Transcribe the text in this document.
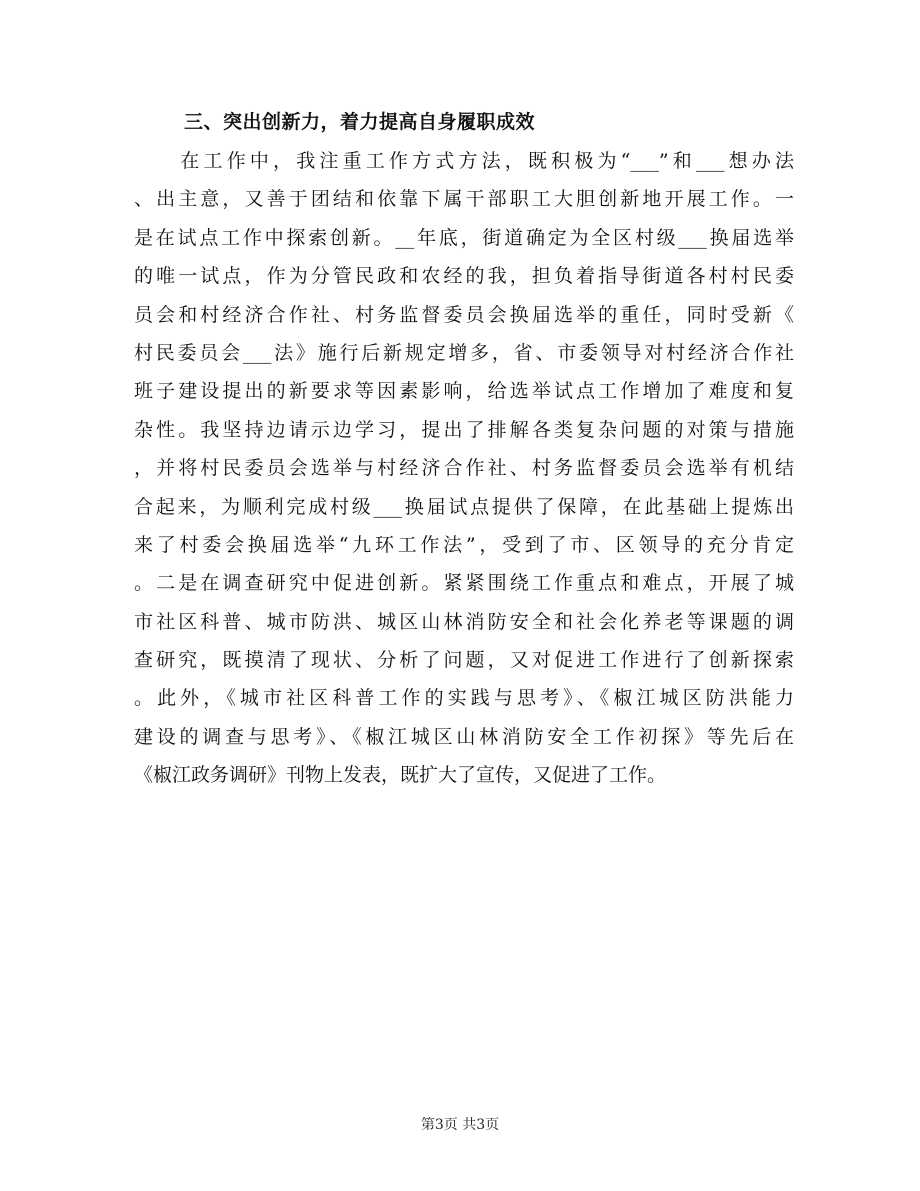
三、突出创新力，着力提高自身履职成效
　　在工作中，我注重工作方式方法，既积极为“___”和___想办法
、出主意，又善于团结和依靠下属干部职工大胆创新地开展工作。一
是在试点工作中探索创新。__年底，街道确定为全区村级___换届选举
的唯一试点，作为分管民政和农经的我，担负着指导街道各村村民委
员会和村经济合作社、村务监督委员会换届选举的重任，同时受新《
村民委员会___法》施行后新规定增多，省、市委领导对村经济合作社
班子建设提出的新要求等因素影响，给选举试点工作增加了难度和复
杂性。我坚持边请示边学习，提出了排解各类复杂问题的对策与措施
，并将村民委员会选举与村经济合作社、村务监督委员会选举有机结
合起来，为顺利完成村级___换届试点提供了保障，在此基础上提炼出
来了村委会换届选举“九环工作法”，受到了市、区领导的充分肯定
。二是在调查研究中促进创新。紧紧围绕工作重点和难点，开展了城
市社区科普、城市防洪、城区山林消防安全和社会化养老等课题的调
查研究，既摸清了现状、分析了问题，又对促进工作进行了创新探索
。此外，《城市社区科普工作的实践与思考》、《椒江城区防洪能力
建设的调查与思考》、《椒江城区山林消防安全工作初探》等先后在
《椒江政务调研》刊物上发表，既扩大了宣传，又促进了工作。
第3页 共3页
